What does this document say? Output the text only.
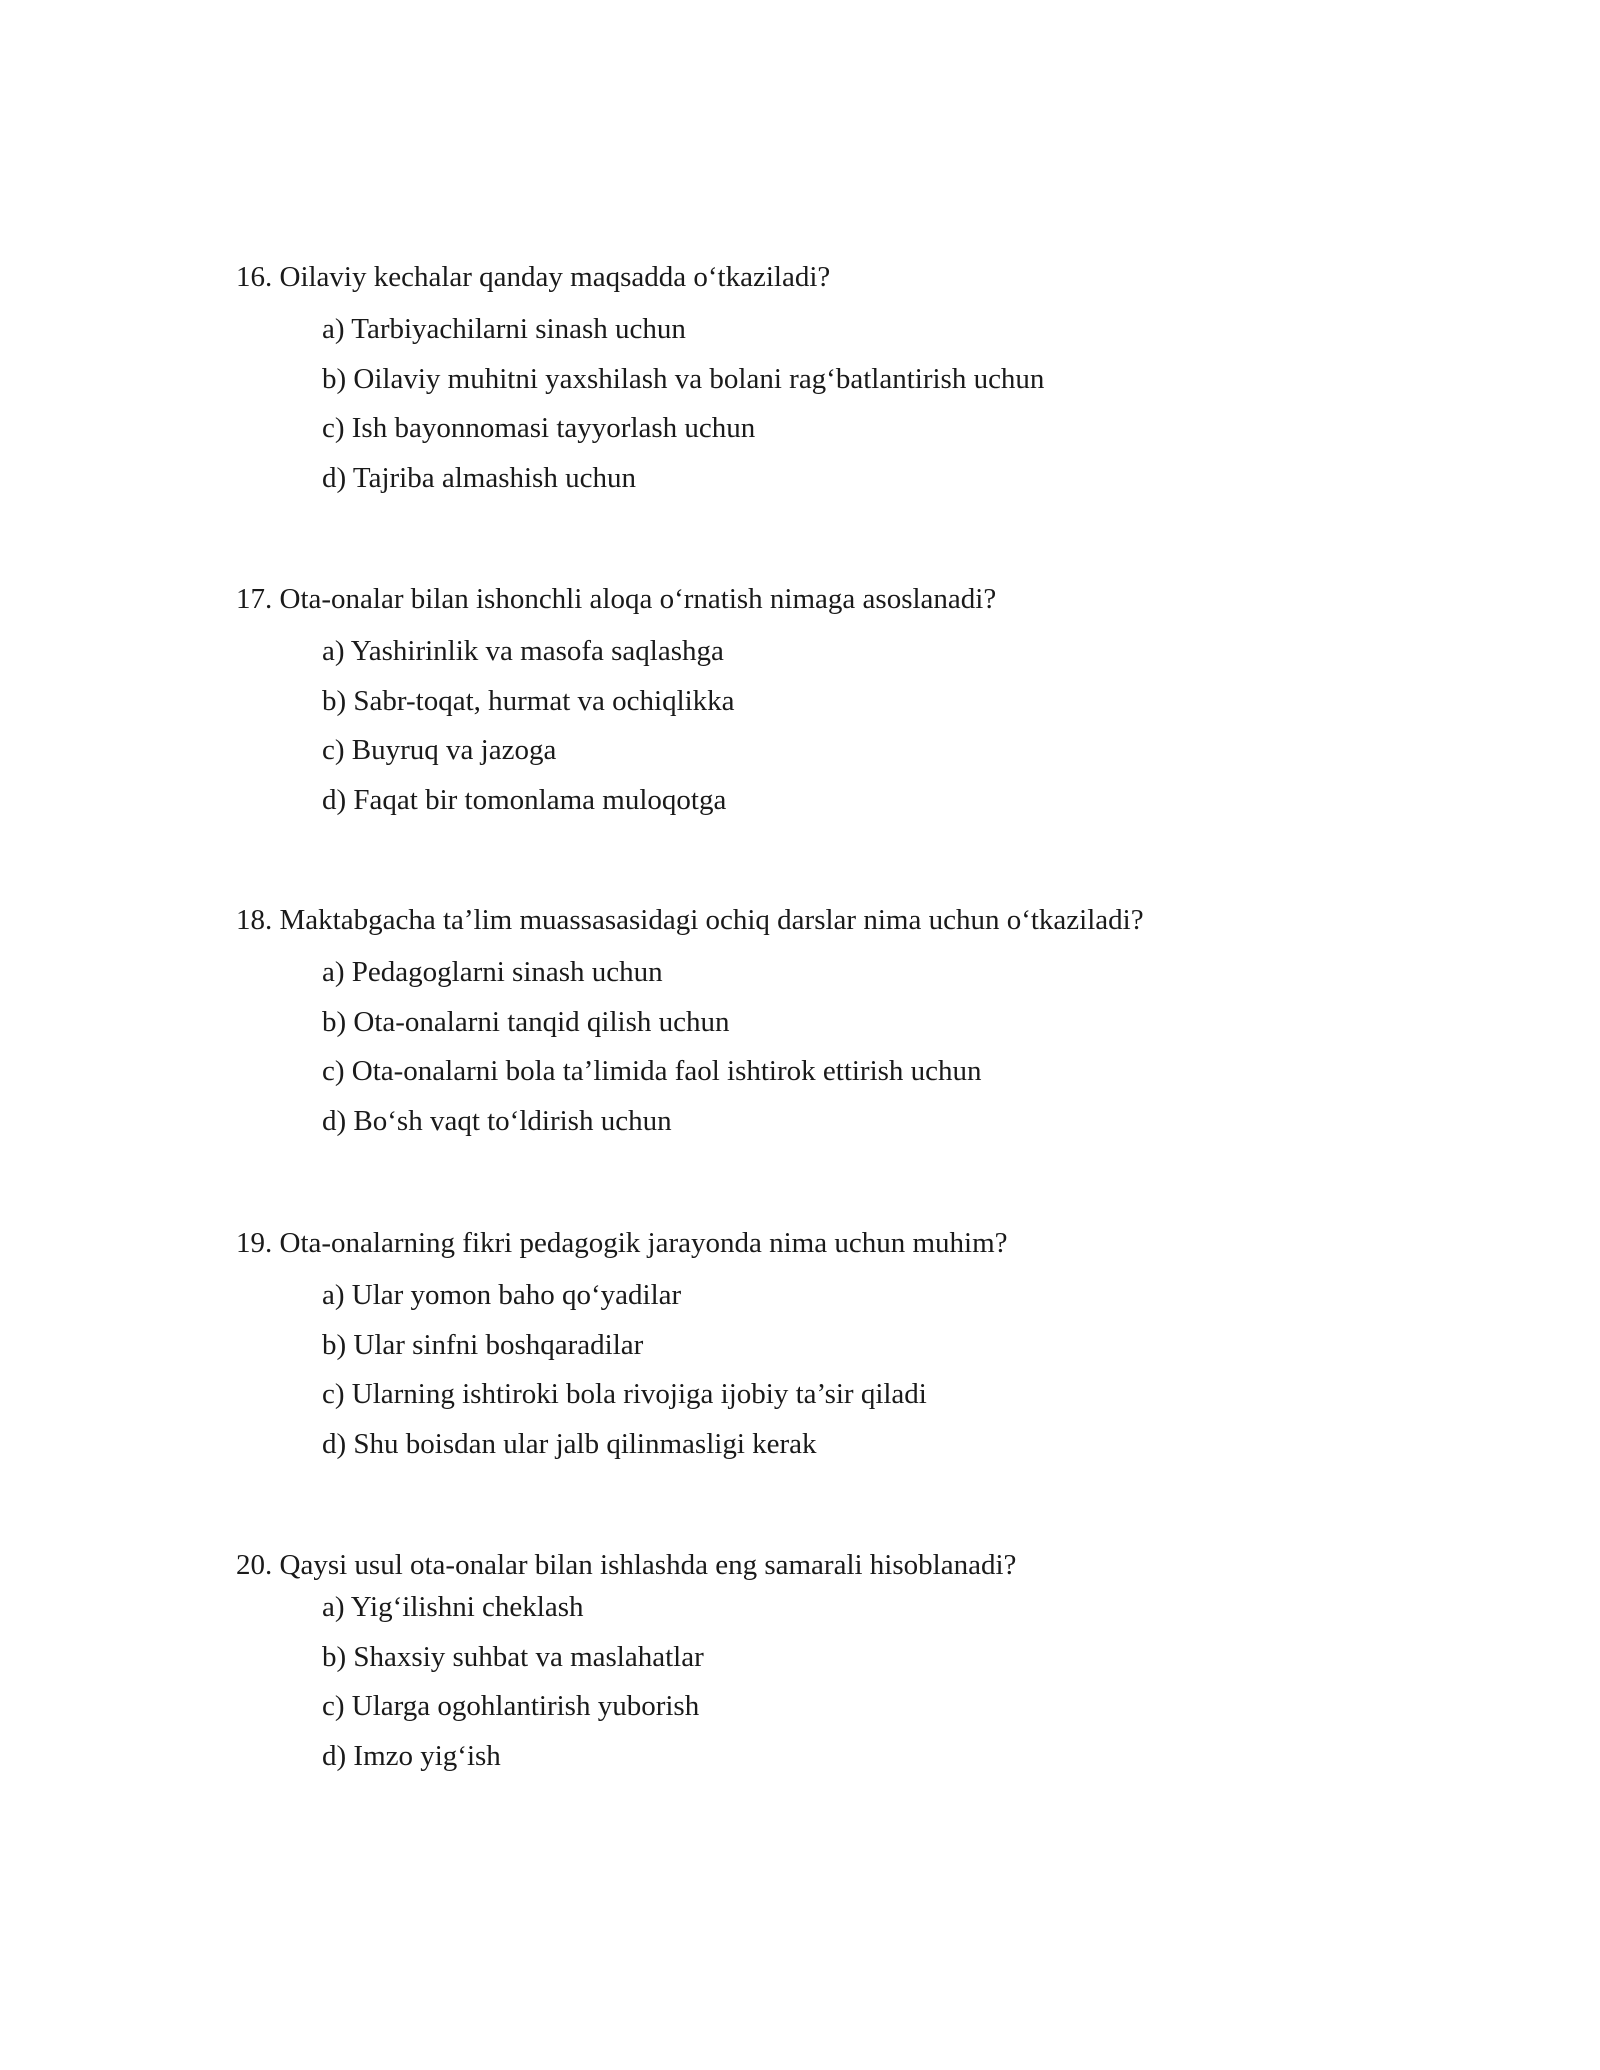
16. Oilaviy kechalar qanday maqsadda o‘tkaziladi?

a) Tarbiyachilarni sinash uchun
b) Oilaviy muhitni yaxshilash va bolani rag‘batlantirish uchun
c) Ish bayonnomasi tayyorlash uchun
d) Tajriba almashish uchun

17. Ota-onalar bilan ishonchli aloqa o‘rnatish nimaga asoslanadi?

a) Yashirinlik va masofa saqlashga
b) Sabr-toqat, hurmat va ochiqlikka
c) Buyruq va jazoga
d) Faqat bir tomonlama muloqotga

18. Maktabgacha ta’lim muassasasidagi ochiq darslar nima uchun o‘tkaziladi?

a) Pedagoglarni sinash uchun
b) Ota-onalarni tanqid qilish uchun
c) Ota-onalarni bola ta’limida faol ishtirok ettirish uchun
d) Bo‘sh vaqt to‘ldirish uchun

19. Ota-onalarning fikri pedagogik jarayonda nima uchun muhim?

a) Ular yomon baho qo‘yadilar
b) Ular sinfni boshqaradilar
c) Ularning ishtiroki bola rivojiga ijobiy ta’sir qiladi
d) Shu boisdan ular jalb qilinmasligi kerak

20. Qaysi usul ota-onalar bilan ishlashda eng samarali hisoblanadi?

a) Yig‘ilishni cheklash
b) Shaxsiy suhbat va maslahatlar
c) Ularga ogohlantirish yuborish
d) Imzo yig‘ish
